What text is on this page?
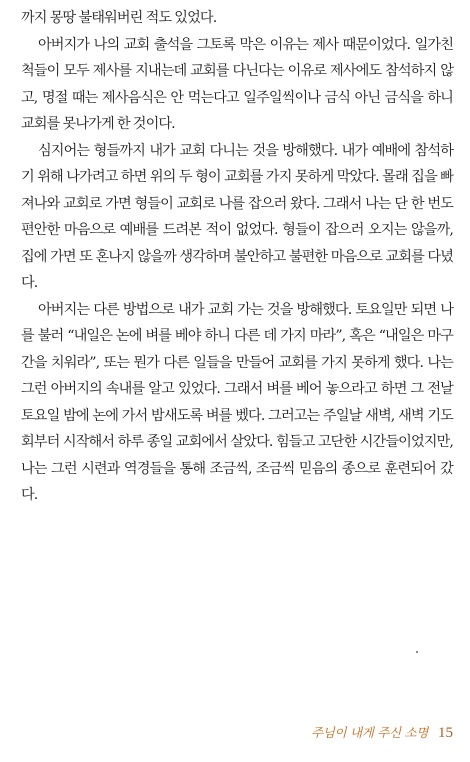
까지 몽땅 불태워버린 적도 있었다.

아버지가 나의 교회 출석을 그토록 막은 이유는 제사 때문이었다. 일가친척들이 모두 제사를 지내는데 교회를 다닌다는 이유로 제사에도 참석하지 않고, 명절 때는 제사음식은 안 먹는다고 일주일씩이나 금식 아닌 금식을 하니 교회를 못나가게 한 것이다.

심지어는 형들까지 내가 교회 다니는 것을 방해했다. 내가 예배에 참석하기 위해 나가려고 하면 위의 두 형이 교회를 가지 못하게 막았다. 몰래 집을 빠져나와 교회로 가면 형들이 교회로 나를 잡으러 왔다. 그래서 나는 단 한 번도 편안한 마음으로 예배를 드려본 적이 없었다. 형들이 잡으러 오지는 않을까, 집에 가면 또 혼나지 않을까 생각하며 불안하고 불편한 마음으로 교회를 다녔다.

아버지는 다른 방법으로 내가 교회 가는 것을 방해했다. 토요일만 되면 나를 불러 “내일은 논에 벼를 베야 하니 다른 데 가지 마라”, 혹은 “내일은 마구간을 치워라”, 또는 뭔가 다른 일들을 만들어 교회를 가지 못하게 했다. 나는 그런 아버지의 속내를 알고 있었다. 그래서 벼를 베어 놓으라고 하면 그 전날 토요일 밤에 논에 가서 밤새도록 벼를 벴다. 그러고는 주일날 새벽, 새벽 기도회부터 시작해서 하루 종일 교회에서 살았다. 힘들고 고단한 시간들이었지만, 나는 그런 시련과 역경들을 통해 조금씩, 조금씩 믿음의 종으로 훈련되어 갔다.

주님이 내게 주신 소명 15
